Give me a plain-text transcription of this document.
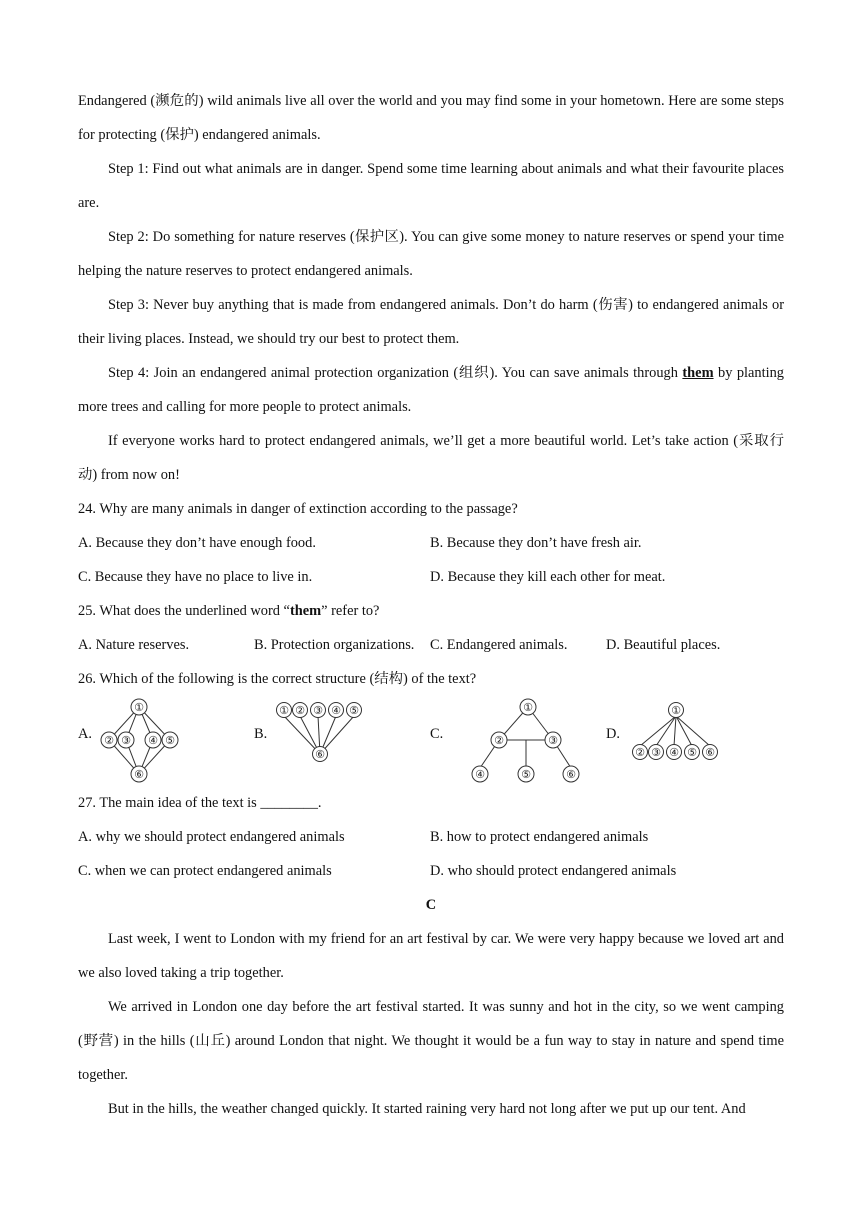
Endangered (濒危的) wild animals live all over the world and you may find some in your hometown. Here are some steps for protecting (保护) endangered animals.

Step 1: Find out what animals are in danger. Spend some time learning about animals and what their favourite places are.

Step 2: Do something for nature reserves (保护区). You can give some money to nature reserves or spend your time helping the nature reserves to protect endangered animals.

Step 3: Never buy anything that is made from endangered animals. Don’t do harm (伤害) to endangered animals or their living places. Instead, we should try our best to protect them.

Step 4: Join an endangered animal protection organization (组织). You can save animals through them by planting more trees and calling for more people to protect animals.

If everyone works hard to protect endangered animals, we’ll get a more beautiful world. Let’s take action (采取行动) from now on!

24. Why are many animals in danger of extinction according to the passage?
A. Because they don’t have enough food.	B. Because they don’t have fresh air.
C. Because they have no place to live in.	D. Because they kill each other for meat.
25. What does the underlined word “them” refer to?
A. Nature reserves.	B. Protection organizations.	C. Endangered animals.	D. Beautiful places.
26. Which of the following is the correct structure (结构) of the text?
A.
①
② ③ ④ ⑤
⑥
B.
① ② ③ ④ ⑤
⑥
C.
①
②	③
④	⑤	⑥
D.
①
② ③ ④ ⑤ ⑥
27. The main idea of the text is ________.
A. why we should protect endangered animals	B. how to protect endangered animals
C. when we can protect endangered animals	D. who should protect endangered animals
C

Last week, I went to London with my friend for an art festival by car. We were very happy because we loved art and we also loved taking a trip together.

We arrived in London one day before the art festival started. It was sunny and hot in the city, so we went camping (野营) in the hills (山丘) around London that night. We thought it would be a fun way to stay in nature and spend time together.

But in the hills, the weather changed quickly. It started raining very hard not long after we put up our tent. And
